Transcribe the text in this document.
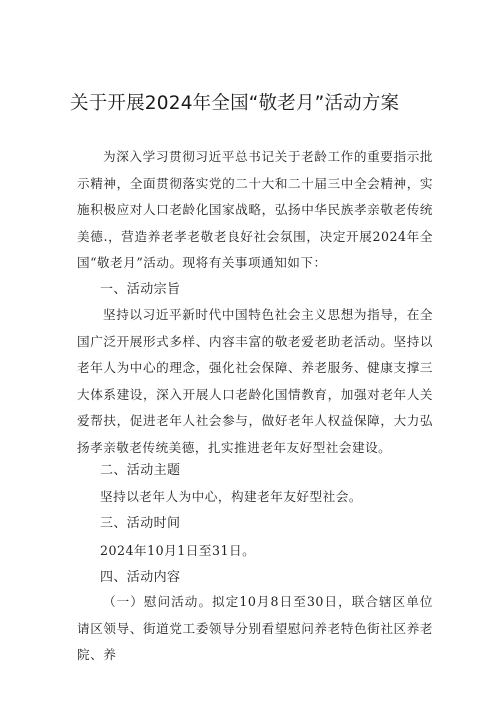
关于开展2024年全国“敬老月”活动方案

为深入学习贯彻习近平总书记关于老龄工作的重要指示批示精神，全面贯彻落实党的二十大和二十届三中全会精神，实施积极应对人口老龄化国家战略，弘扬中华民族孝亲敬老传统美德.，营造养老孝老敬老良好社会氛围，决定开展2024年全国“敬老月”活动。现将有关事项通知如下：

一、活动宗旨

坚持以习近平新时代中国特色社会主义思想为指导，在全国广泛开展形式多样、内容丰富的敬老爱老助老活动。坚持以老年人为中心的理念，强化社会保障、养老服务、健康支撑三大体系建设，深入开展人口老龄化国情教育，加强对老年人关爱帮扶，促进老年人社会参与，做好老年人权益保障，大力弘扬孝亲敬老传统美德，扎实推进老年友好型社会建设。

二、活动主题
坚持以老年人为中心，构建老年友好型社会。
三、活动时间
2024年10月1日至31日。
四、活动内容

（一）慰问活动。拟定10月8日至30日，联合辖区单位请区领导、街道党工委领导分别看望慰问养老特色街社区养老院、养
